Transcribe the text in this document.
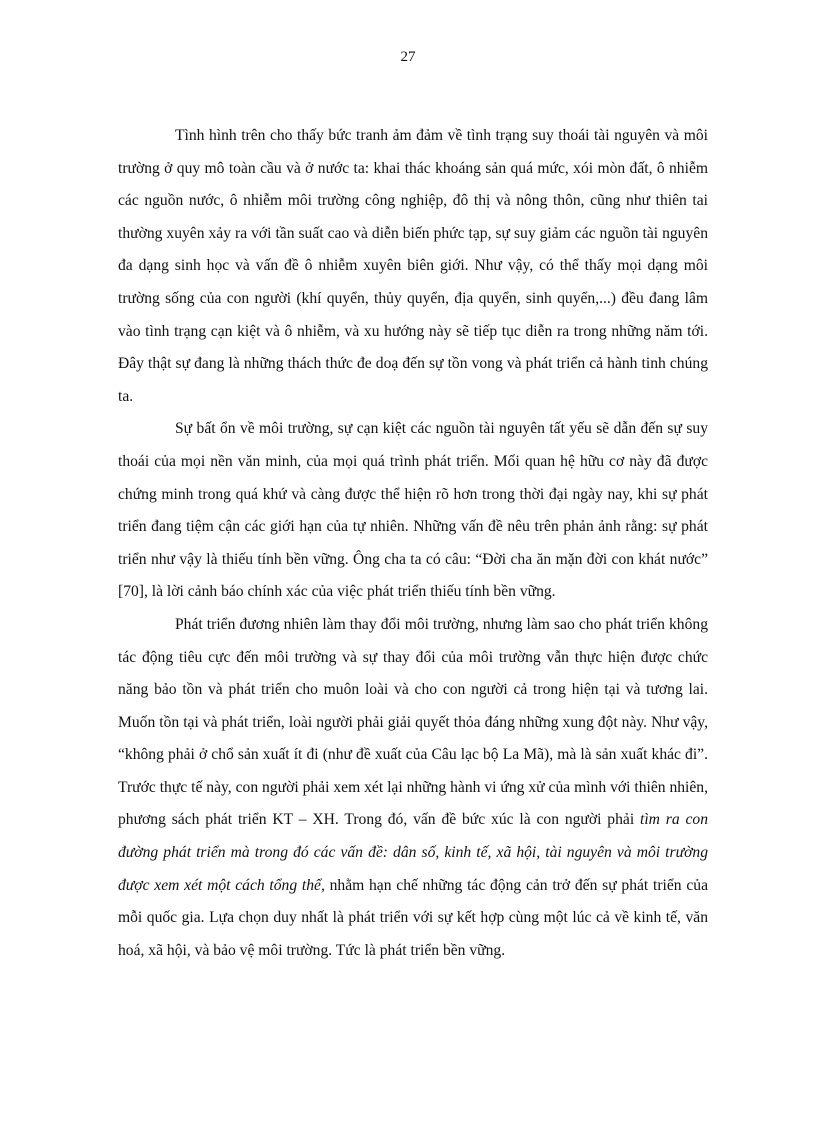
27

Tình hình trên cho thấy bức tranh ảm đảm về tình trạng suy thoái tài nguyên và môi trường ở quy mô toàn cầu và ở nước ta: khai thác khoáng sản quá mức, xói mòn đất, ô nhiễm các nguồn nước, ô nhiễm môi trường công nghiệp, đô thị và nông thôn, cũng như thiên tai thường xuyên xảy ra với tần suất cao và diễn biến phức tạp, sự suy giảm các nguồn tài nguyên đa dạng sinh học và vấn đề ô nhiễm xuyên biên giới. Như vậy, có thể thấy mọi dạng môi trường sống của con người (khí quyển, thủy quyển, địa quyển, sinh quyển,...) đều đang lâm vào tình trạng cạn kiệt và ô nhiễm, và xu hướng này sẽ tiếp tục diễn ra trong những năm tới. Đây thật sự đang là những thách thức đe doạ đến sự tồn vong và phát triển cả hành tinh chúng ta.

Sự bất ổn về môi trường, sự cạn kiệt các nguồn tài nguyên tất yếu sẽ dẫn đến sự suy thoái của mọi nền văn minh, của mọi quá trình phát triển. Mối quan hệ hữu cơ này đã được chứng minh trong quá khứ và càng được thể hiện rõ hơn trong thời đại ngày nay, khi sự phát triển đang tiệm cận các giới hạn của tự nhiên. Những vấn đề nêu trên phản ảnh rằng: sự phát triển như vậy là thiếu tính bền vững. Ông cha ta có câu: “Đời cha ăn mặn đời con khát nước” [70], là lời cảnh báo chính xác của việc phát triển thiếu tính bền vững.

Phát triển đương nhiên làm thay đổi môi trường, nhưng làm sao cho phát triển không tác động tiêu cực đến môi trường và sự thay đổi của môi trường vẫn thực hiện được chức năng bảo tồn và phát triển cho muôn loài và cho con người cả trong hiện tại và tương lai. Muốn tồn tại và phát triển, loài người phải giải quyết thỏa đáng những xung đột này. Như vậy, “không phải ở chổ sản xuất ít đi (như đề xuất của Câu lạc bộ La Mã), mà là sản xuất khác đi”. Trước thực tế này, con người phải xem xét lại những hành vi ứng xử của mình với thiên nhiên, phương sách phát triển KT – XH. Trong đó, vấn đề bức xúc là con người phải tìm ra con đường phát triển mà trong đó các vấn đề: dân số, kinh tế, xã hội, tài nguyên và môi trường được xem xét một cách tổng thể, nhằm hạn chế những tác động cản trở đến sự phát triển của mỗi quốc gia. Lựa chọn duy nhất là phát triển với sự kết hợp cùng một lúc cả về kinh tế, văn hoá, xã hội, và bảo vệ môi trường. Tức là phát triển bền vững.
